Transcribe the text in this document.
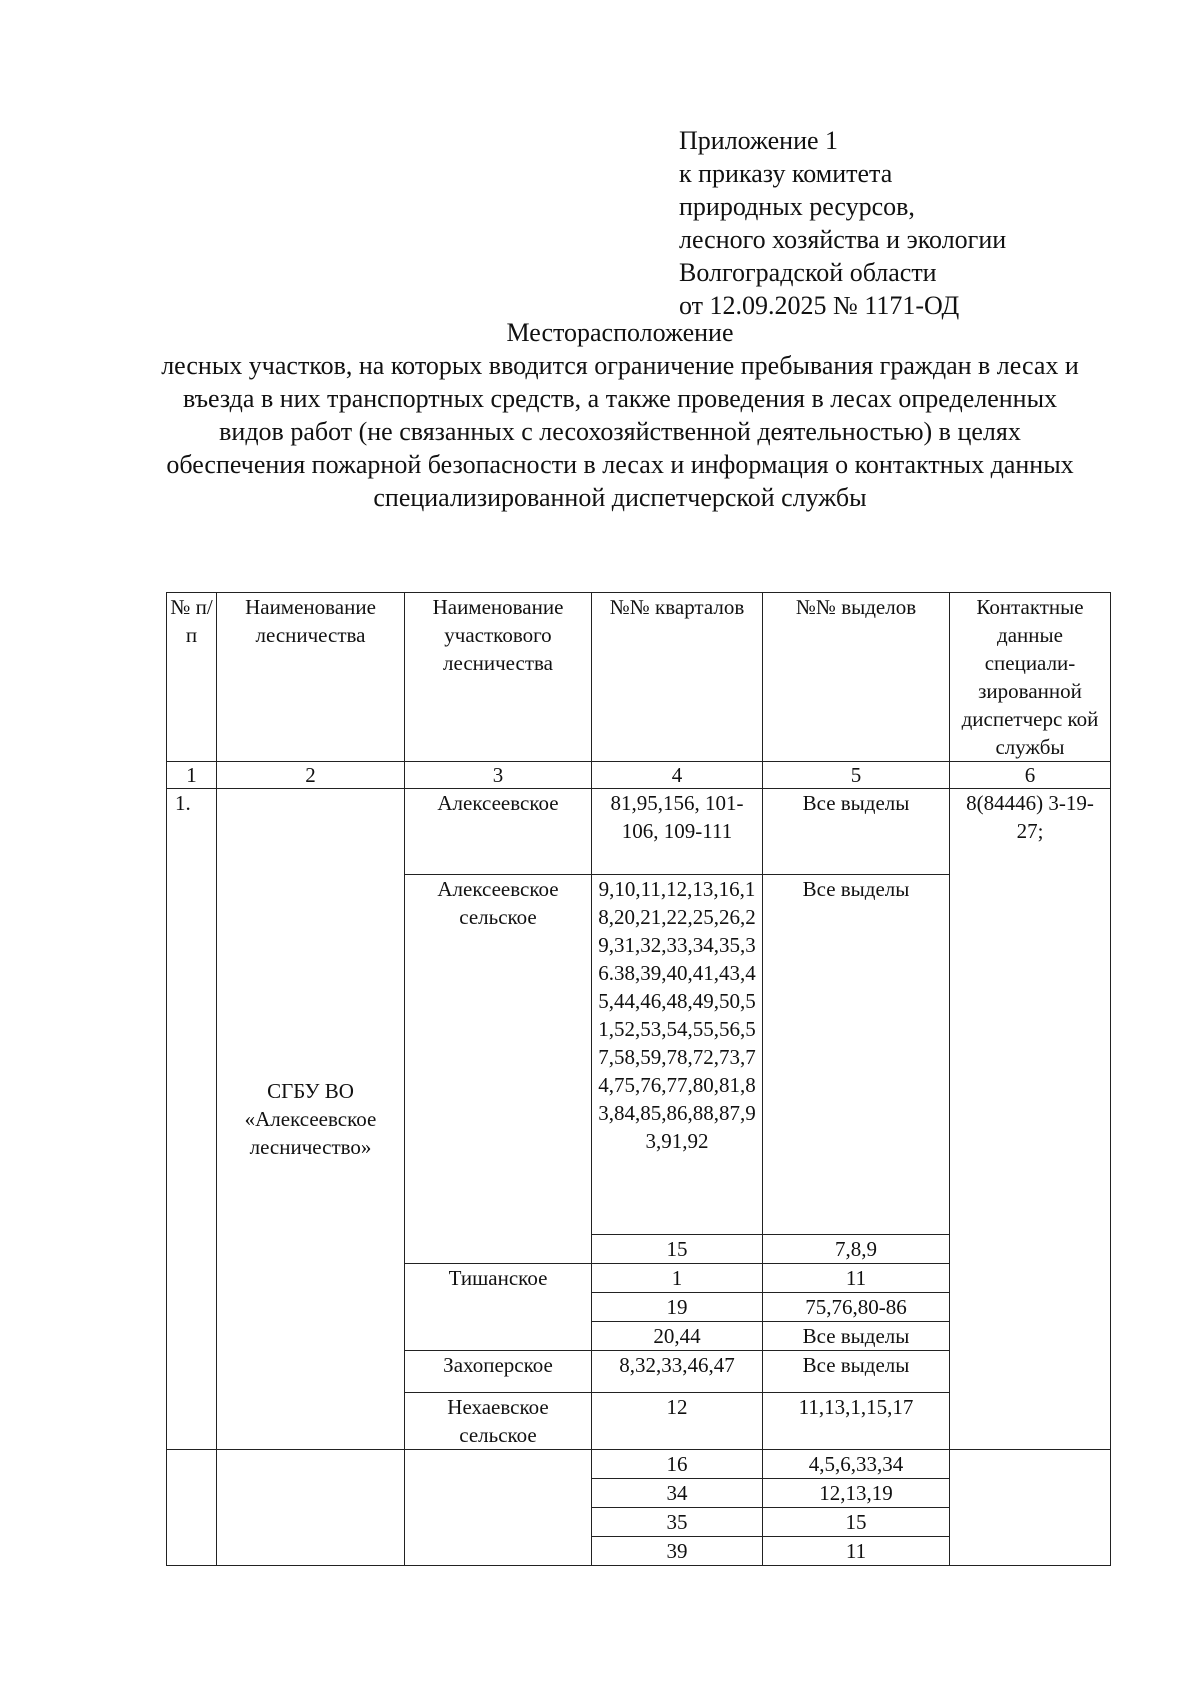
Приложение 1
к приказу комитета
природных ресурсов,
лесного хозяйства и экологии
Волгоградской области
от 12.09.2025 № 1171-ОД
Месторасположение
лесных участков, на которых вводится ограничение пребывания граждан в лесах и въезда в них транспортных средств, а также проведения в лесах определенных видов работ (не связанных с лесохозяйственной деятельностью) в целях обеспечения пожарной безопасности в лесах и информация о контактных данных специализированной диспетчерской службы
№ п/п	Наименование лесничества	Наименование участкового лесничества	№№ кварталов	№№ выделов	Контактные данные специали- зированной диспетчерс кой службы
1	2	3	4	5	6
1.	СГБУ ВО «Алексеевское лесничество»	Алексеевское	81,95,156, 101-106, 109-111	Все выделы	8(84446) 3-19-27;
		Алексеевское сельское	9,10,11,12,13,16,18,20,21,22,25,26,29,31,32,33,34,35,36.38,39,40,41,43,45,44,46,48,49,50,51,52,53,54,55,56,57,58,59,78,72,73,74,75,76,77,80,81,83,84,85,86,88,87,93,91,92	Все выделы	
			15	7,8,9	
		Тишанское	1	11	
			19	75,76,80-86	
			20,44	Все выделы	
		Захоперское	8,32,33,46,47	Все выделы	
		Нехаевское сельское	12	11,13,1,15,17	
			16	4,5,6,33,34	
			34	12,13,19	
			35	15	
			39	11	
